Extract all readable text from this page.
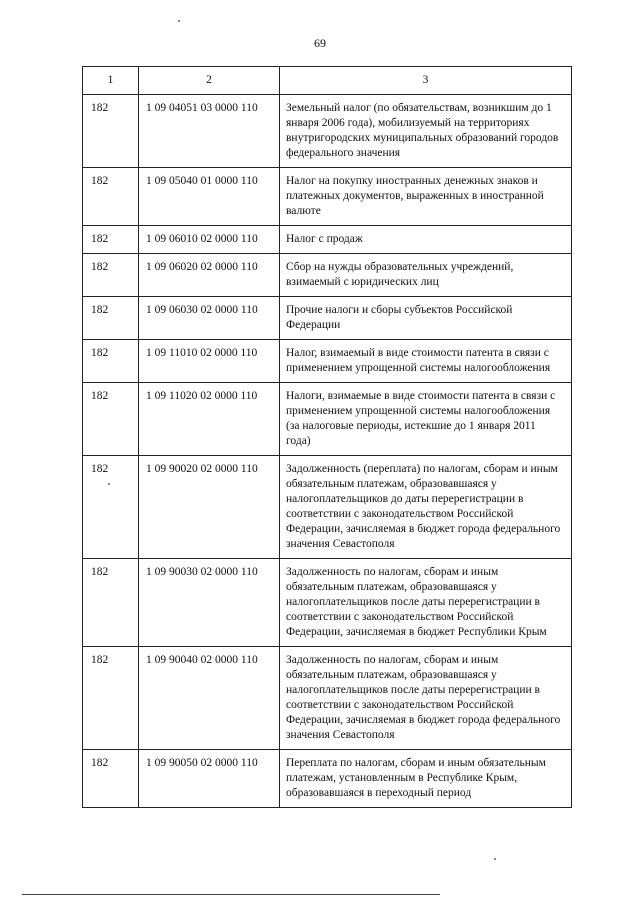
69
1	2	3
182	1 09 04051 03 0000 110	Земельный налог (по обязательствам, возникшим до 1 января 2006 года), мобилизуемый на территориях внутригородских муниципальных образований городов федерального значения
182	1 09 05040 01 0000 110	Налог на покупку иностранных денежных знаков и платежных документов, выраженных в иностранной валюте
182	1 09 06010 02 0000 110	Налог с продаж
182	1 09 06020 02 0000 110	Сбор на нужды образовательных учреждений, взимаемый с юридических лиц
182	1 09 06030 02 0000 110	Прочие налоги и сборы субъектов Российской Федерации
182	1 09 11010 02 0000 110	Налог, взимаемый в виде стоимости патента в связи с применением упрощенной системы налогообложения
182	1 09 11020 02 0000 110	Налоги, взимаемые в виде стоимости патента в связи с применением упрощенной системы налогообложения (за налоговые периоды, истекшие до 1 января 2011 года)
182	1 09 90020 02 0000 110	Задолженность (переплата) по налогам, сборам и иным обязательным платежам, образовавшаяся у налогоплательщиков до даты перерегистрации в соответствии с законодательством Российской Федерации, зачисляемая в бюджет города федерального значения Севастополя
182	1 09 90030 02 0000 110	Задолженность по налогам, сборам и иным обязательным платежам, образовавшаяся у налогоплательщиков после даты перерегистрации в соответствии с законодательством Российской Федерации, зачисляемая в бюджет Республики Крым
182	1 09 90040 02 0000 110	Задолженность по налогам, сборам и иным обязательным платежам, образовавшаяся у налогоплательщиков после даты перерегистрации в соответствии с законодательством Российской Федерации, зачисляемая в бюджет города федерального значения Севастополя
182	1 09 90050 02 0000 110	Переплата по налогам, сборам и иным обязательным платежам, установленным в Республике Крым, образовавшаяся в переходный период
